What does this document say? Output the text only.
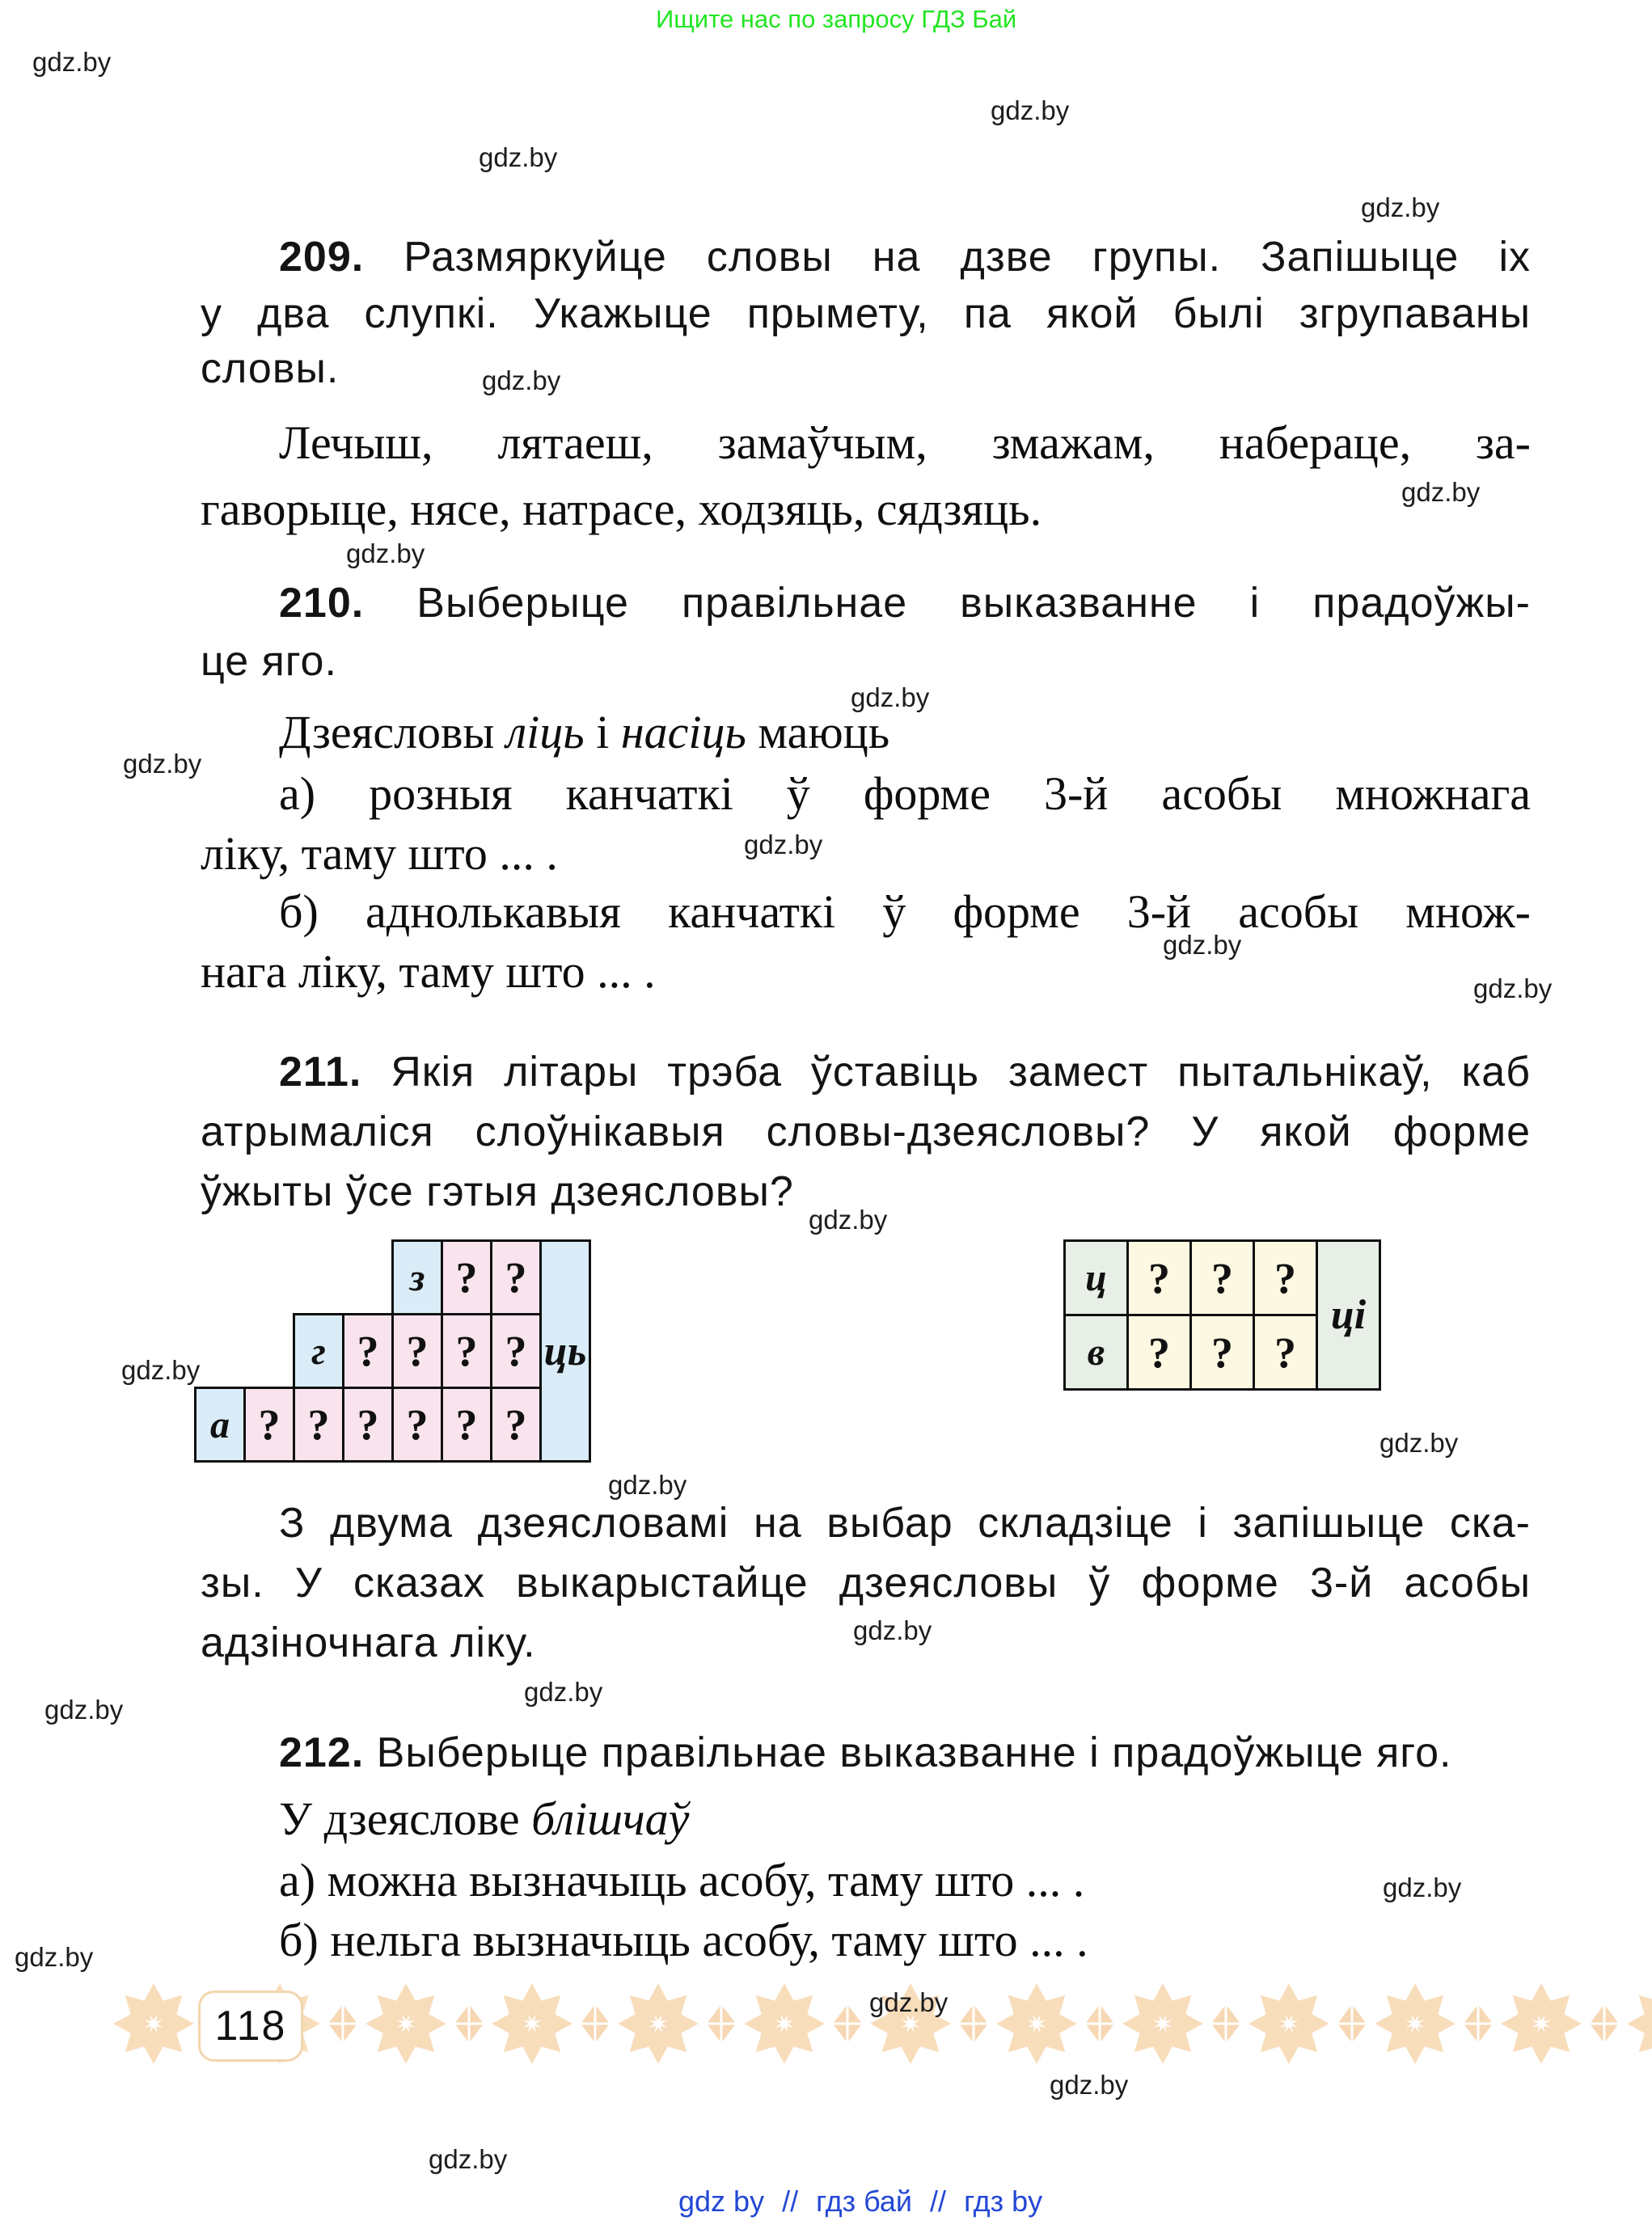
Ищите нас по запросу ГДЗ Бай
gdz.by
gdz.by
gdz.by
gdz.by
gdz.by
gdz.by
gdz.by
gdz.by
gdz.by
gdz.by
gdz.by
gdz.by
gdz.by
gdz.by
gdz.by
gdz.by
gdz.by
gdz.by
gdz.by
gdz.by
gdz.by
gdz.by
gdz.by
gdz.by
209. Размяркуйце словы на дзве групы. Запішыце іх
у два слупкі. Укажыце прымету, па якой былі згрупаваны
словы.
Лечыш, лятаеш, замаўчым, змажам, набераце, за-
гаворыце, нясе, натрасе, ходзяць, сядзяць.
210. Выберыце правільнае выказванне і прадоўжы-
це яго.
Дзеясловы ліць і насіць маюць
а) розныя канчаткі ў форме 3-й асобы множнага
ліку, таму што ... .
б) аднолькавыя канчаткі ў форме 3-й асобы множ-
нага ліку, таму што ... .
211. Якія літары трэба ўставіць замест пытальнікаў, каб
атрымаліся слоўнікавыя словы-дзеясловы? У якой форме
ўжыты ўсе гэтыя дзеясловы?
З двума дзеясловамі на выбар складзіце і запішыце ска-
зы. У сказах выкарыстайце дзеясловы ў форме 3-й асобы
адзіночнага ліку.
212. Выберыце правільнае выказванне і прадоўжыце яго.
У дзеяслове блішчаў
а) можна вызначыць асобу, таму што ... .
б) нельга вызначыць асобу, таму што ... .
118
gdz by // гдз бай // гдз by
з ? ?
г ? ? ? ?
а ? ? ? ? ? ?
ць
ц ? ? ?
в ? ? ?
ці
